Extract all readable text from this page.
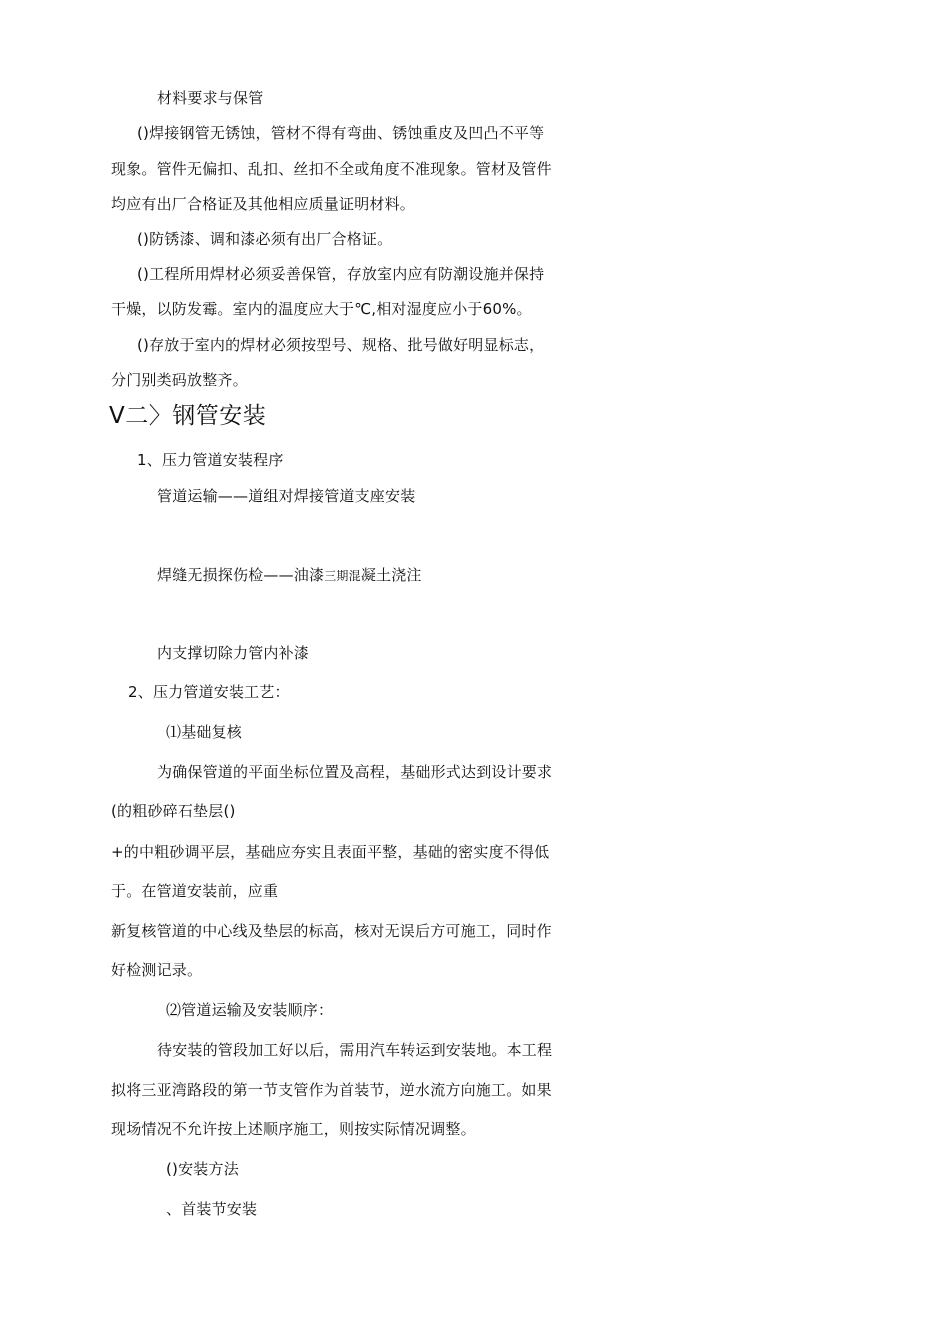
材料要求与保管
()焊接钢管无锈蚀，管材不得有弯曲、锈蚀重皮及凹凸不平等
现象。管件无偏扣、乱扣、丝扣不全或角度不准现象。管材及管件
均应有出厂合格证及其他相应质量证明材料。
()防锈漆、调和漆必须有出厂合格证。
()工程所用焊材必须妥善保管，存放室内应有防潮设施并保持
干燥，以防发霉。室内的温度应大于℃,相对湿度应小于60%。
()存放于室内的焊材必须按型号、规格、批号做好明显标志，
分门别类码放整齐。
V二〉钢管安装
1、压力管道安装程序
管道运输——道组对焊接管道支座安装
焊缝无损探伤检——油漆三期混凝土浇注
内支撑切除力管内补漆
2、压力管道安装工艺：
⑴基础复核
为确保管道的平面坐标位置及高程，基础形式达到设计要求
(的粗砂碎石垫层()
+的中粗砂调平层，基础应夯实且表面平整，基础的密实度不得低
于。在管道安装前，应重
新复核管道的中心线及垫层的标高，核对无误后方可施工，同时作
好检测记录。
⑵管道运输及安装顺序：
待安装的管段加工好以后，需用汽车转运到安装地。本工程
拟将三亚湾路段的第一节支管作为首装节，逆水流方向施工。如果
现场情况不允许按上述顺序施工，则按实际情况调整。
()安装方法
、首装节安装
